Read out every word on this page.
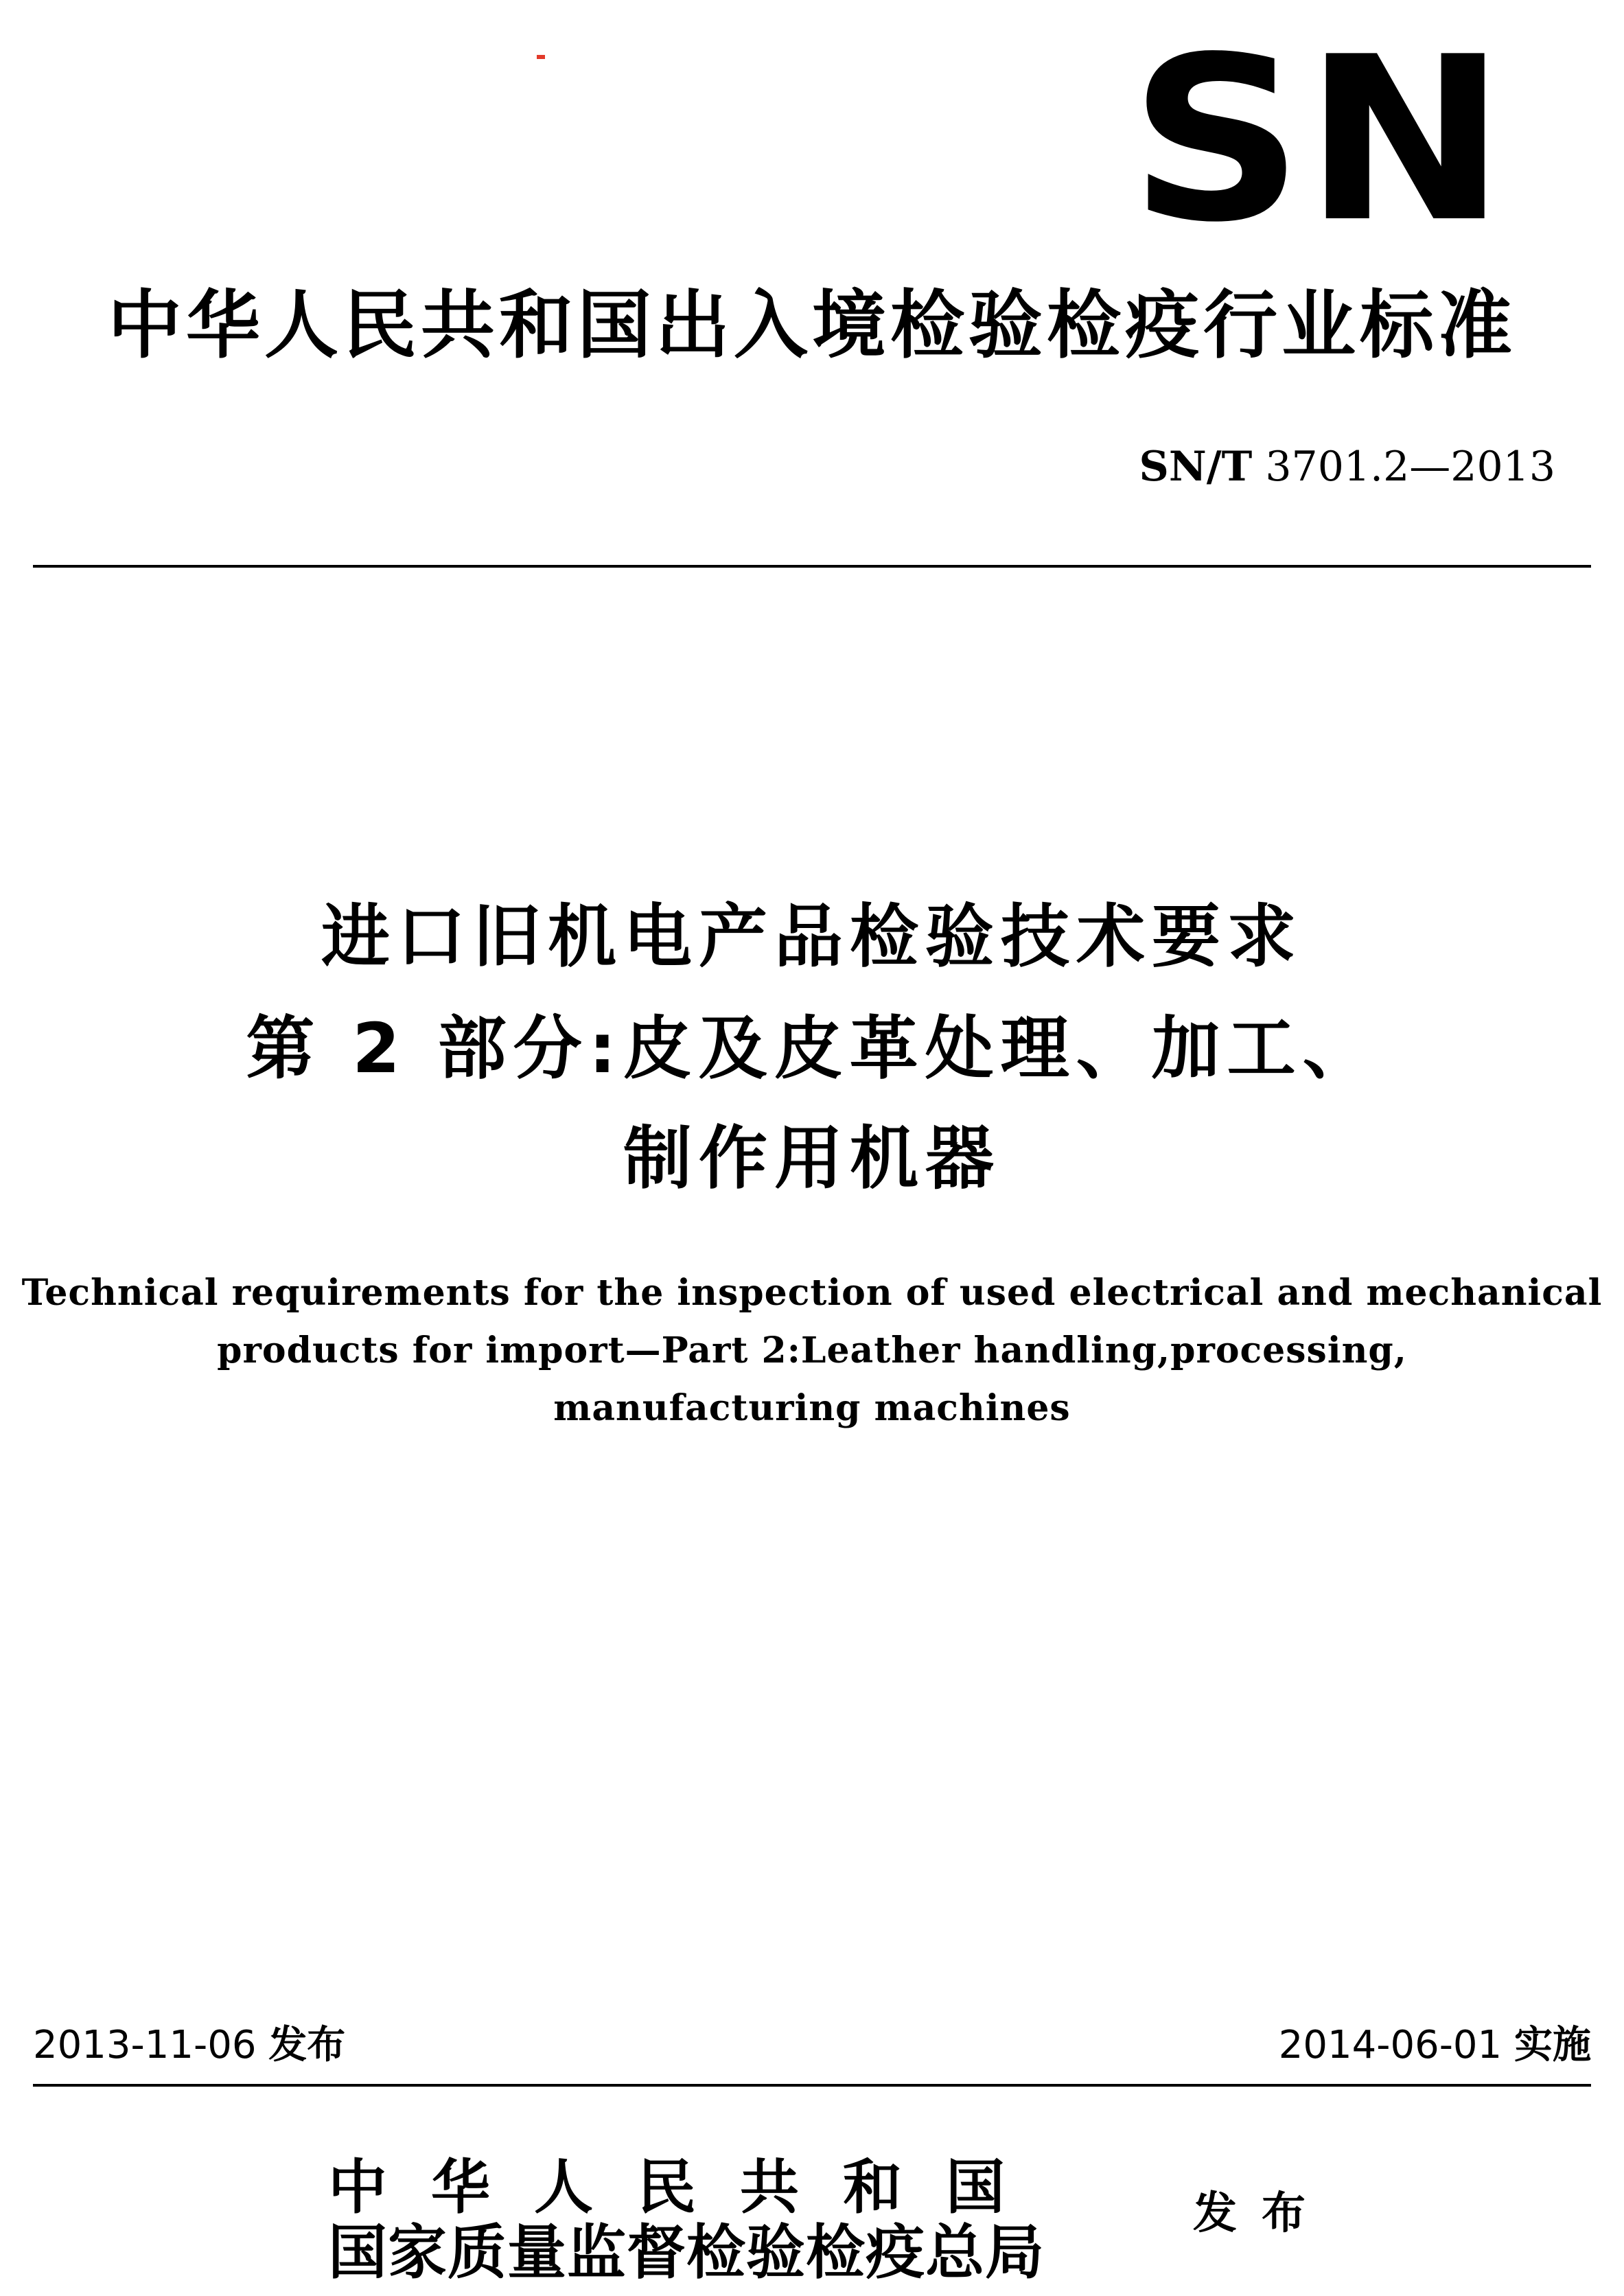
SN
中华人民共和国出入境检验检疫行业标准
SN/T 3701.2—2013
进口旧机电产品检验技术要求
第 2 部分:皮及皮革处理、加工、
制作用机器
Technical requirements for the inspection of used electrical and mechanical
products for import—Part 2:Leather handling,processing,
manufacturing machines
2013-11-06 发布	2014-06-01 实施
中华人民共和国
国家质量监督检验检疫总局
发布
